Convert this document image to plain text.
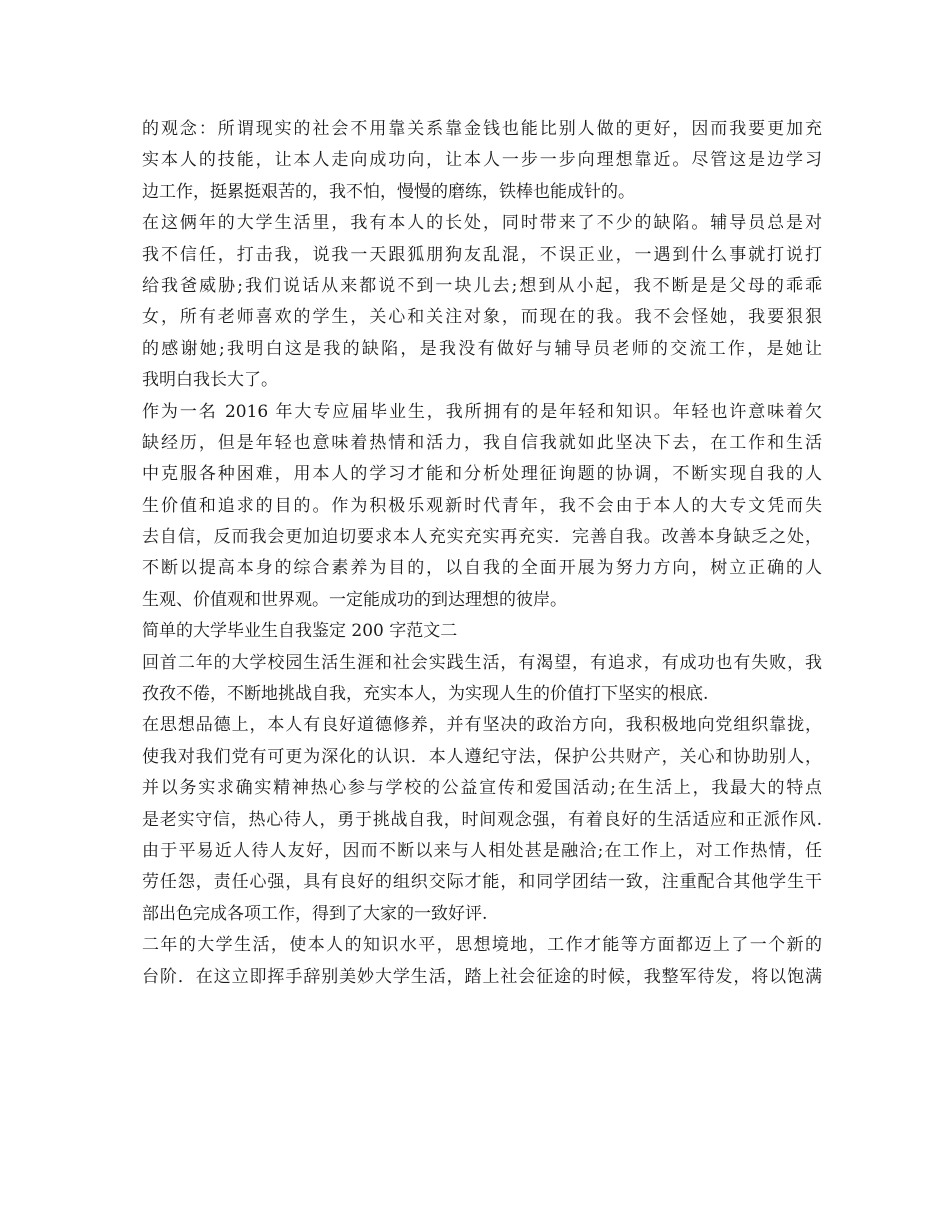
的观念：所谓现实的社会不用靠关系靠金钱也能比别人做的更好，因而我要更加充
实本人的技能，让本人走向成功向，让本人一步一步向理想靠近。尽管这是边学习
边工作，挺累挺艰苦的，我不怕，慢慢的磨练，铁棒也能成针的。
在这俩年的大学生活里，我有本人的长处，同时带来了不少的缺陷。辅导员总是对
我不信任，打击我，说我一天跟狐朋狗友乱混，不误正业，一遇到什么事就打说打
给我爸威胁;我们说话从来都说不到一块儿去;想到从小起，我不断是是父母的乖乖
女，所有老师喜欢的学生，关心和关注对象，而现在的我。我不会怪她，我要狠狠
的感谢她;我明白这是我的缺陷，是我没有做好与辅导员老师的交流工作，是她让
我明白我长大了。
作为一名 2016 年大专应届毕业生，我所拥有的是年轻和知识。年轻也许意味着欠
缺经历，但是年轻也意味着热情和活力，我自信我就如此坚决下去，在工作和生活
中克服各种困难，用本人的学习才能和分析处理征询题的协调，不断实现自我的人
生价值和追求的目的。作为积极乐观新时代青年，我不会由于本人的大专文凭而失
去自信，反而我会更加迫切要求本人充实充实再充实．完善自我。改善本身缺乏之处，
不断以提高本身的综合素养为目的，以自我的全面开展为努力方向，树立正确的人
生观、价值观和世界观。一定能成功的到达理想的彼岸。
简单的大学毕业生自我鉴定 200 字范文二
回首二年的大学校园生活生涯和社会实践生活，有渴望，有追求，有成功也有失败，我
孜孜不倦，不断地挑战自我，充实本人，为实现人生的价值打下坚实的根底.
在思想品德上，本人有良好道德修养，并有坚决的政治方向，我积极地向党组织靠拢，
使我对我们党有可更为深化的认识．本人遵纪守法，保护公共财产，关心和协助别人，
并以务实求确实精神热心参与学校的公益宣传和爱国活动;在生活上，我最大的特点
是老实守信，热心待人，勇于挑战自我，时间观念强，有着良好的生活适应和正派作风.
由于平易近人待人友好，因而不断以来与人相处甚是融洽;在工作上，对工作热情，任
劳任怨，责任心强，具有良好的组织交际才能，和同学团结一致，注重配合其他学生干
部出色完成各项工作，得到了大家的一致好评.
二年的大学生活，使本人的知识水平，思想境地，工作才能等方面都迈上了一个新的
台阶．在这立即挥手辞别美妙大学生活，踏上社会征途的时候，我整军待发，将以饱满
